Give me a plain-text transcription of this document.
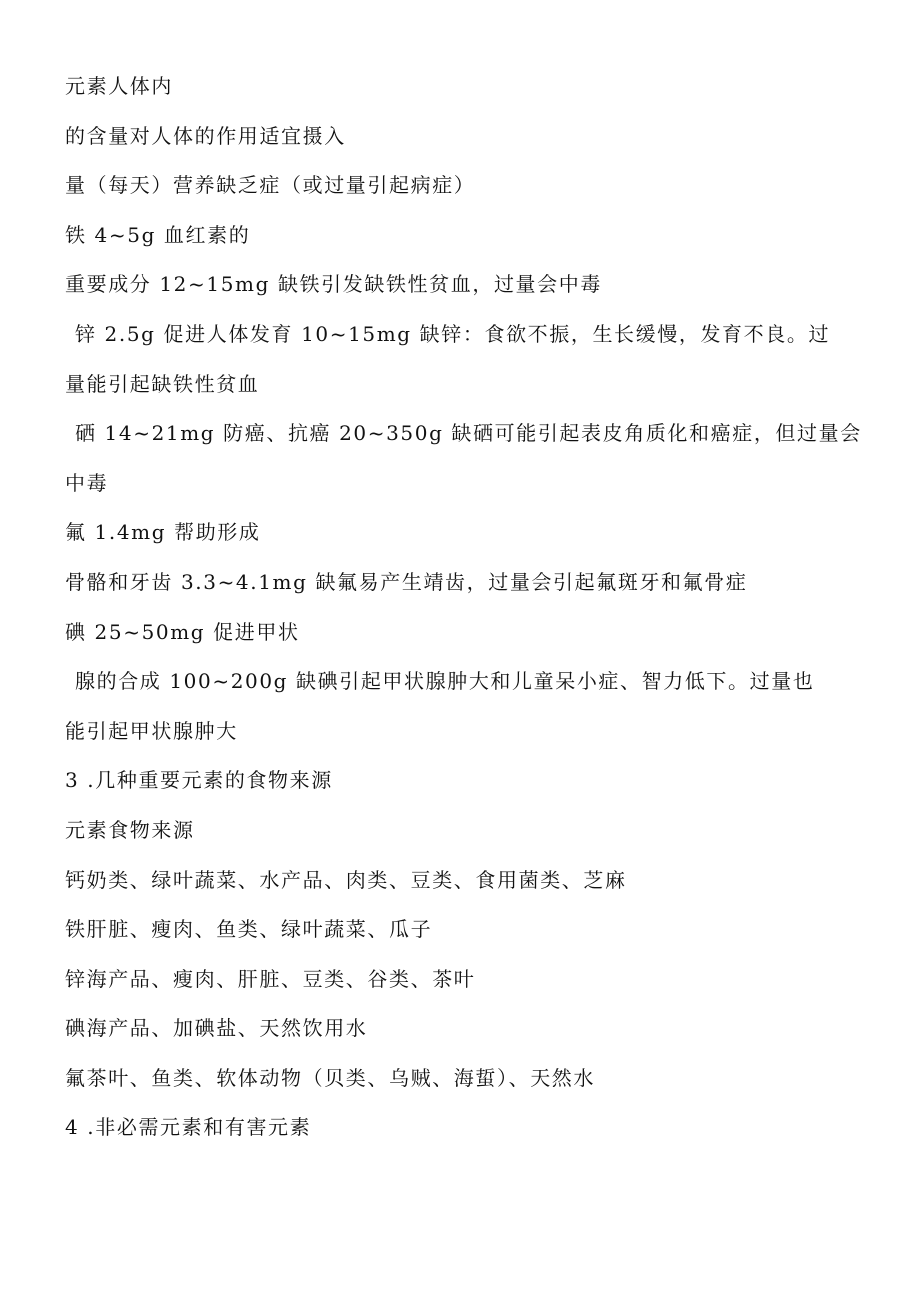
元素人体内
的含量对人体的作用适宜摄入
量（每天）营养缺乏症（或过量引起病症）
铁 4~5g 血红素的
重要成分 12~15mg 缺铁引发缺铁性贫血，过量会中毒
锌 2.5g 促进人体发育 10~15mg 缺锌：食欲不振，生长缓慢，发育不良。过
量能引起缺铁性贫血
硒 14~21mg 防癌、抗癌 20~350g 缺硒可能引起表皮角质化和癌症，但过量会
中毒
氟 1.4mg 帮助形成
骨骼和牙齿 3.3~4.1mg 缺氟易产生靖齿，过量会引起氟斑牙和氟骨症
碘 25~50mg 促进甲状
腺的合成 100~200g 缺碘引起甲状腺肿大和儿童呆小症、智力低下。过量也
能引起甲状腺肿大
3 .几种重要元素的食物来源
元素食物来源
钙奶类、绿叶蔬菜、水产品、肉类、豆类、食用菌类、芝麻
铁肝脏、瘦肉、鱼类、绿叶蔬菜、瓜子
锌海产品、瘦肉、肝脏、豆类、谷类、茶叶
碘海产品、加碘盐、天然饮用水
氟茶叶、鱼类、软体动物（贝类、乌贼、海蜇）、天然水
4 .非必需元素和有害元素
